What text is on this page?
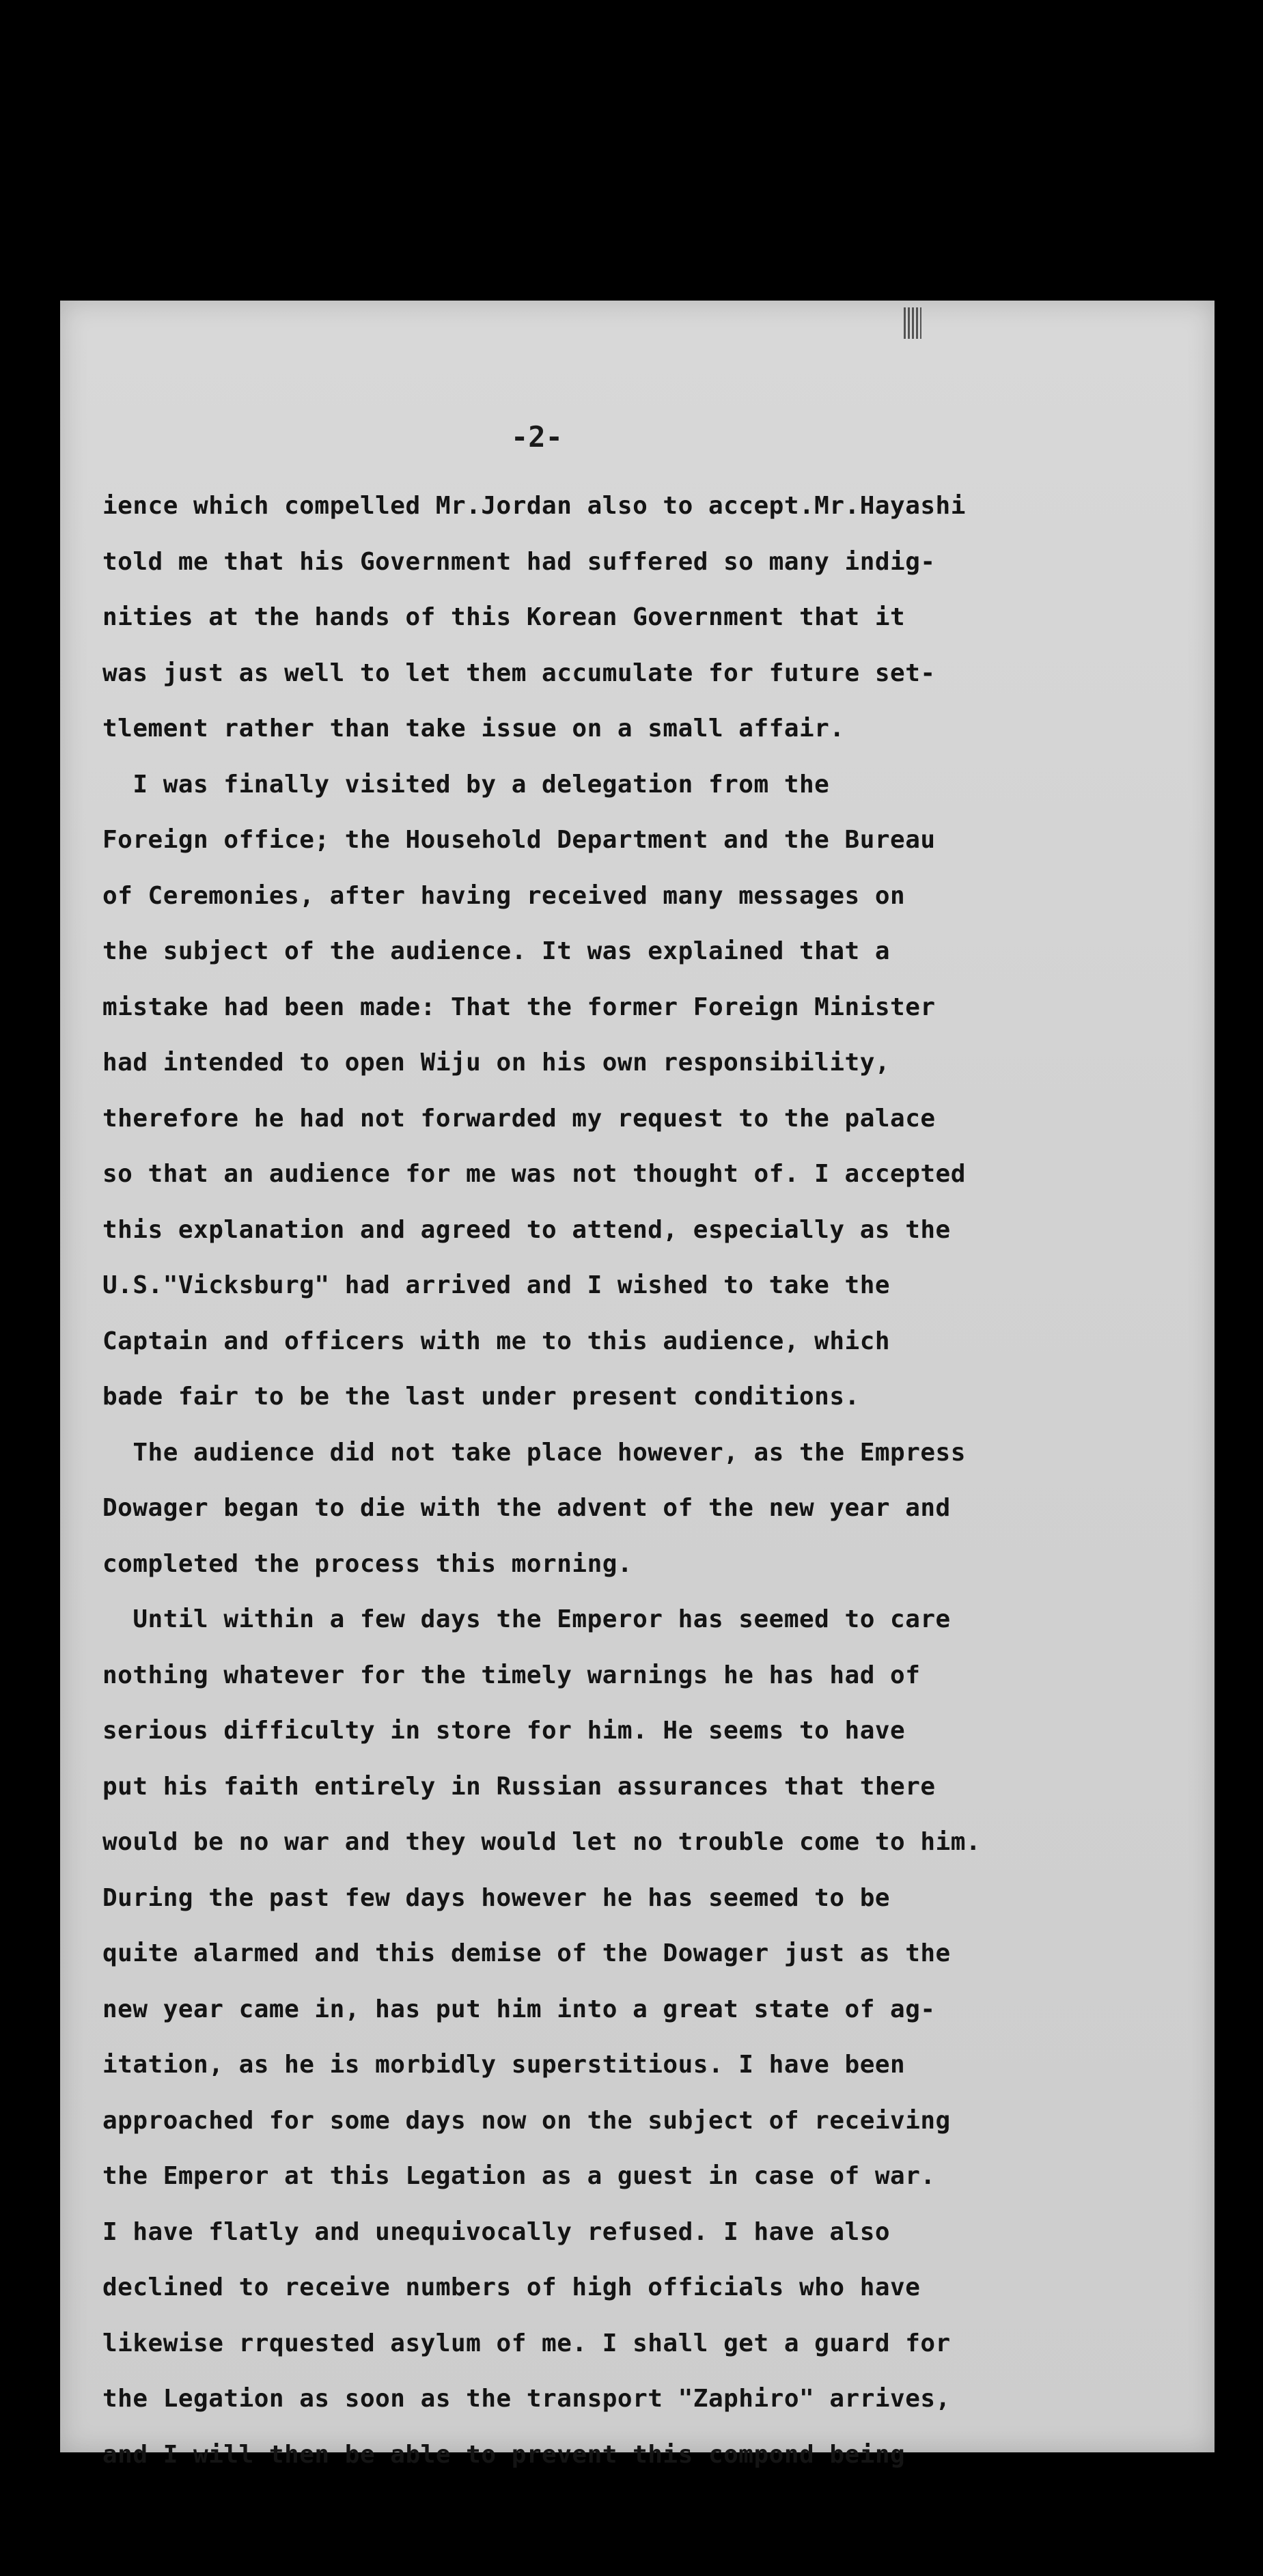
-2-
ience which compelled Mr.Jordan also to accept.Mr.Hayashi
told me that his Government had suffered so many indig-
nities at the hands of this Korean Government that it
was just as well to let them accumulate for future set-
tlement rather than take issue on a small affair.
I was finally visited by a delegation from the
Foreign office; the Household Department and the Bureau
of Ceremonies, after having received many messages on
the subject of the audience. It was explained that a
mistake had been made: That the former Foreign Minister
had intended to open Wiju on his own responsibility,
therefore he had not forwarded my request to the palace
so that an audience for me was not thought of. I accepted
this explanation and agreed to attend, especially as the
U.S."Vicksburg" had arrived and I wished to take the
Captain and officers with me to this audience, which
bade fair to be the last under present conditions.
The audience did not take place however, as the Empress
Dowager began to die with the advent of the new year and
completed the process this morning.
Until within a few days the Emperor has seemed to care
nothing whatever for the timely warnings he has had of
serious difficulty in store for him. He seems to have
put his faith entirely in Russian assurances that there
would be no war and they would let no trouble come to him.
During the past few days however he has seemed to be
quite alarmed and this demise of the Dowager just as the
new year came in, has put him into a great state of ag-
itation, as he is morbidly superstitious. I have been
approached for some days now on the subject of receiving
the Emperor at this Legation as a guest in case of war.
I have flatly and unequivocally refused. I have also
declined to receive numbers of high officials who have
likewise rrquested asylum of me. I shall get a guard for
the Legation as soon as the transport "Zaphiro" arrives,
and I will then be able to prevent this compond being
